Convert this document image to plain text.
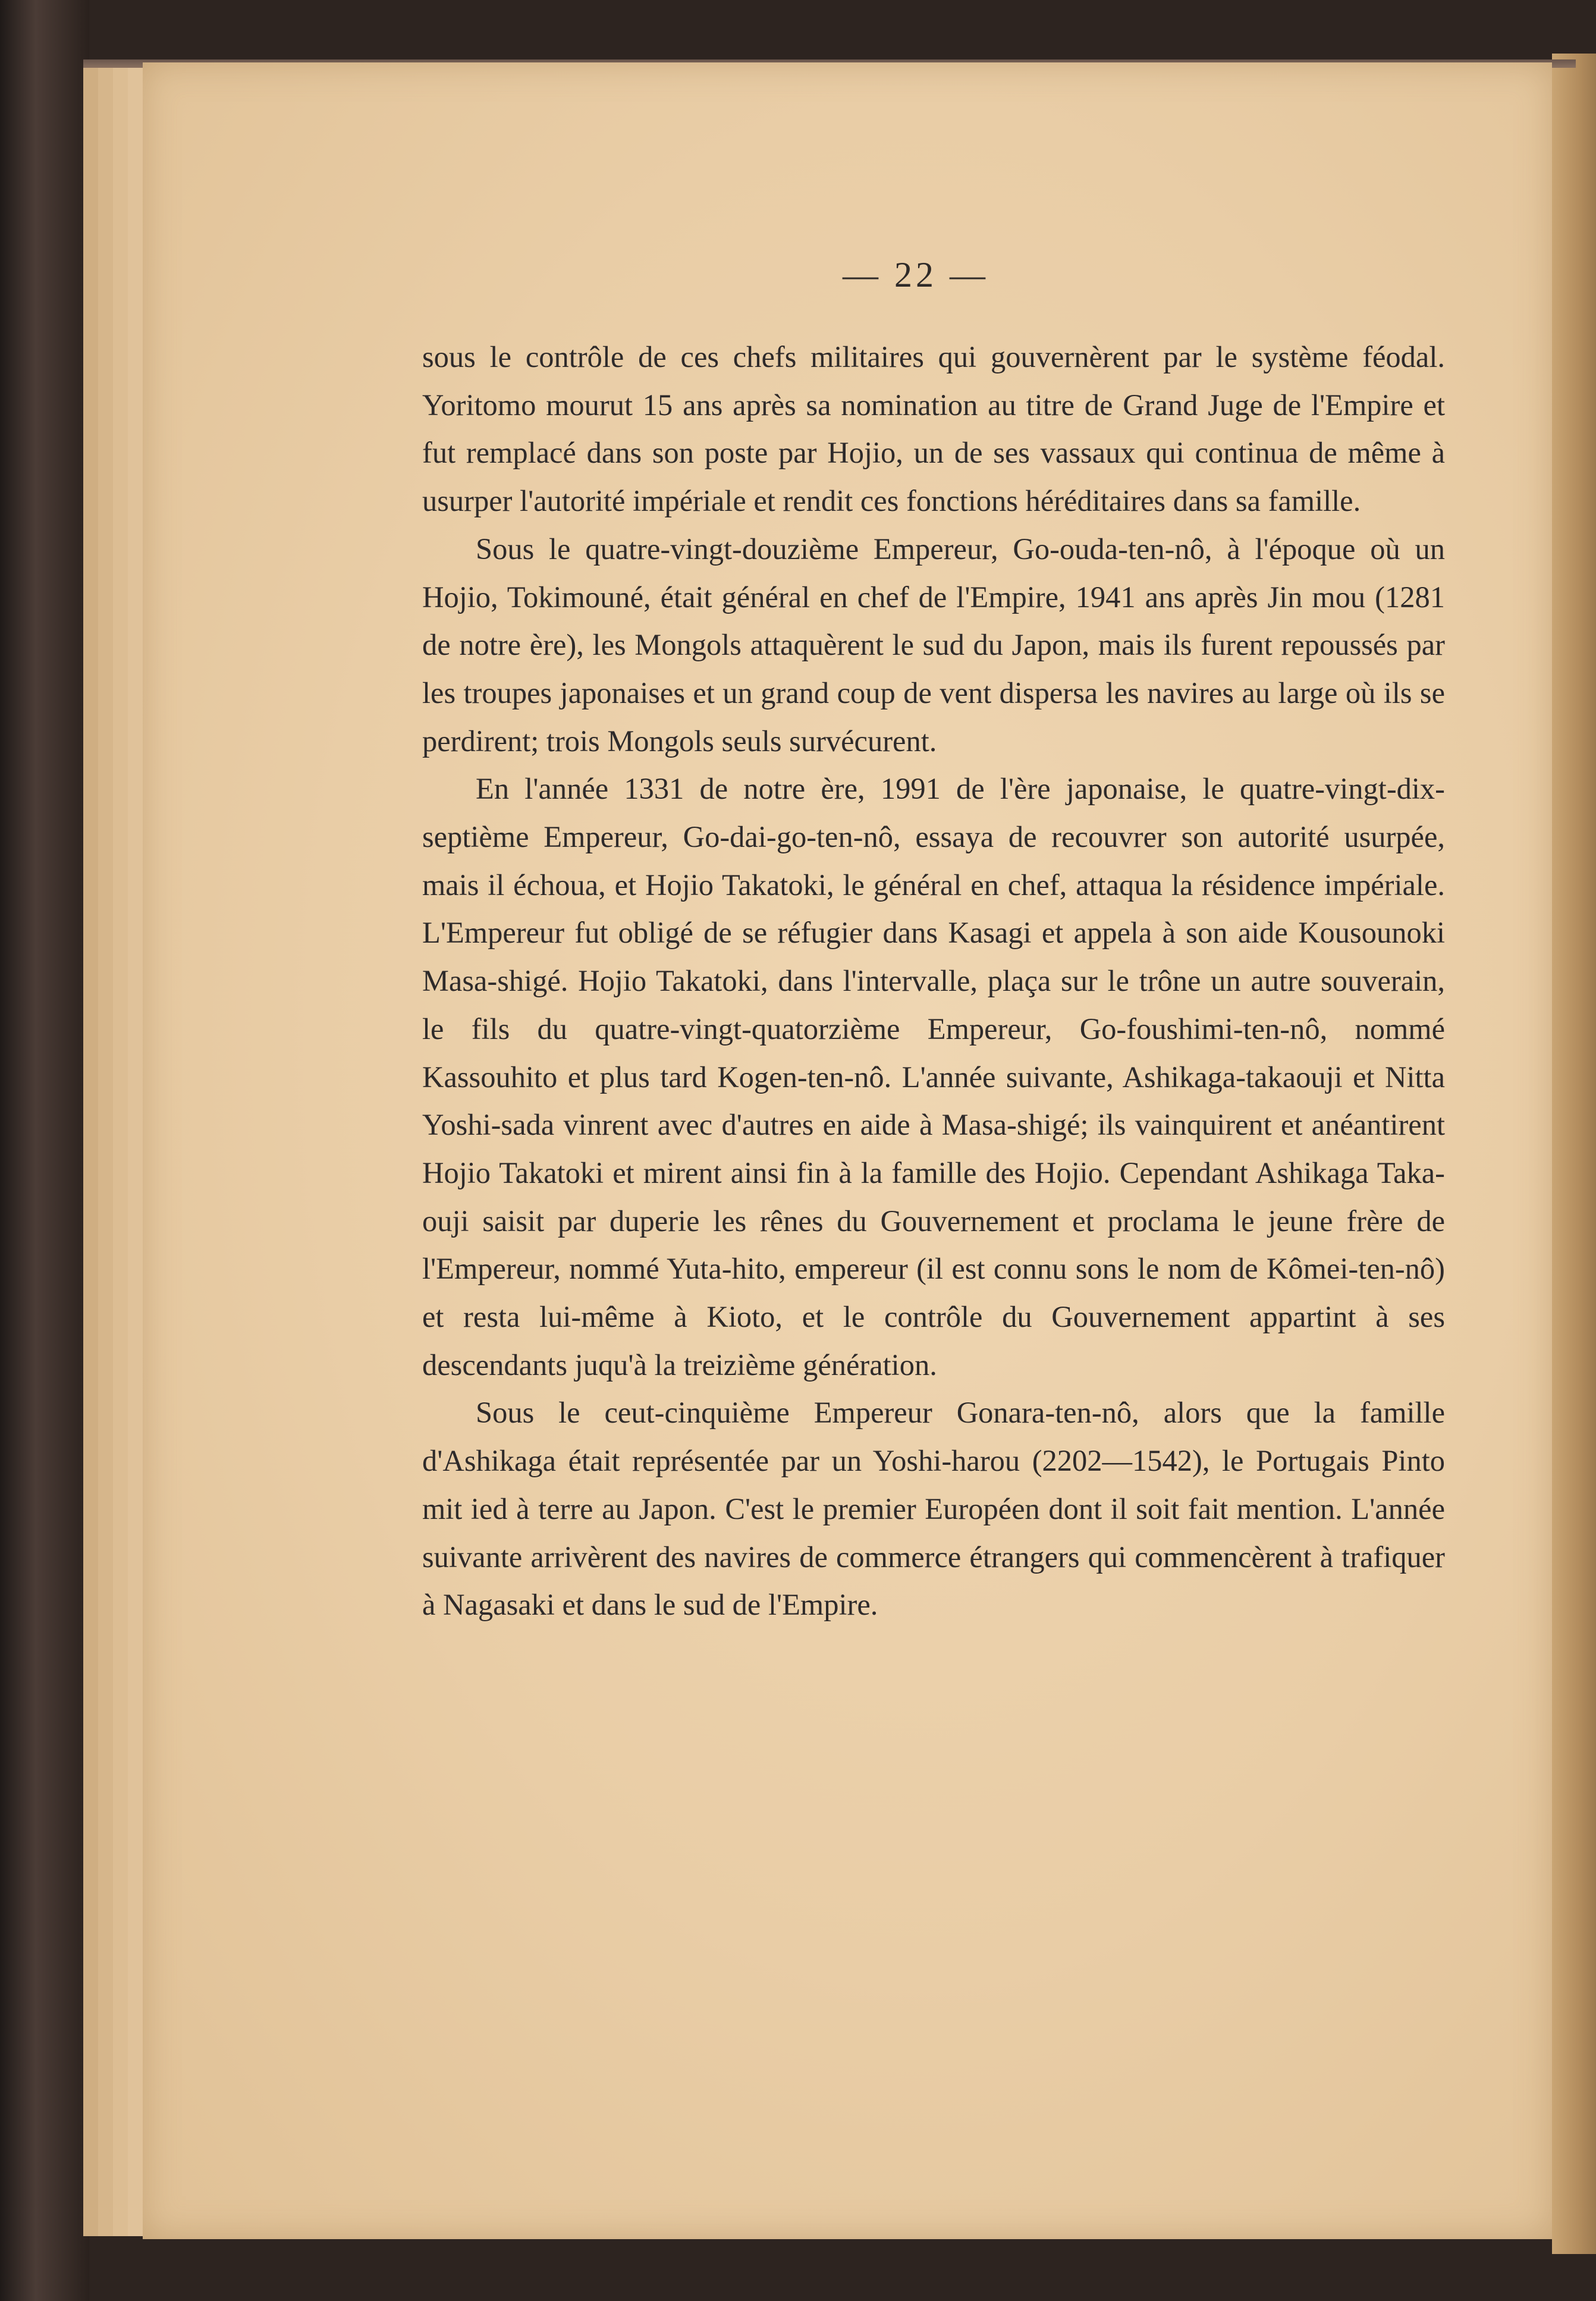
— 22 —

sous le contrôle de ces chefs militaires qui gouvernèrent par le système féodal. Yoritomo mourut 15 ans après sa nomination au titre de Grand Juge de l'Empire et fut remplacé dans son poste par Hojio, un de ses vassaux qui continua de même à usurper l'autorité impériale et rendit ces fonctions héréditaires dans sa famille.

Sous le quatre-vingt-douzième Empereur, Go-ouda-ten-nô, à l'époque où un Hojio, Tokimouné, était général en chef de l'Empire, 1941 ans après Jin mou (1281 de notre ère), les Mongols attaquèrent le sud du Japon, mais ils furent repoussés par les troupes japonaises et un grand coup de vent dispersa les navires au large où ils se perdirent; trois Mongols seuls survécurent.

En l'année 1331 de notre ère, 1991 de l'ère japonaise, le quatre-vingt-dix-septième Empereur, Go-dai-go-ten-nô, essaya de recouvrer son autorité usurpée, mais il échoua, et Hojio Takatoki, le général en chef, attaqua la résidence impériale. L'Empereur fut obligé de se réfugier dans Kasagi et appela à son aide Kousounoki Masa-shigé. Hojio Takatoki, dans l'intervalle, plaça sur le trône un autre souverain, le fils du quatre-vingt-quatorzième Empereur, Go-foushimi-ten-nô, nommé Kassouhito et plus tard Kogen-ten-nô. L'année suivante, Ashikaga-takaouji et Nitta Yoshi-sada vinrent avec d'autres en aide à Masa-shigé; ils vainquirent et anéantirent Hojio Takatoki et mirent ainsi fin à la famille des Hojio. Cependant Ashikaga Taka-ouji saisit par duperie les rênes du Gouvernement et proclama le jeune frère de l'Empereur, nommé Yuta-hito, empereur (il est connu sons le nom de Kômei-ten-nô) et resta lui-même à Kioto, et le contrôle du Gouvernement appartint à ses descendants juqu'à la treizième génération.

Sous le ceut-cinquième Empereur Gonara-ten-nô, alors que la famille d'Ashikaga était représentée par un Yoshi-harou (2202—1542), le Portugais Pinto mit ied à terre au Japon. C'est le premier Européen dont il soit fait mention. L'année suivante arrivèrent des navires de commerce étrangers qui commencèrent à trafiquer à Nagasaki et dans le sud de l'Empire.
